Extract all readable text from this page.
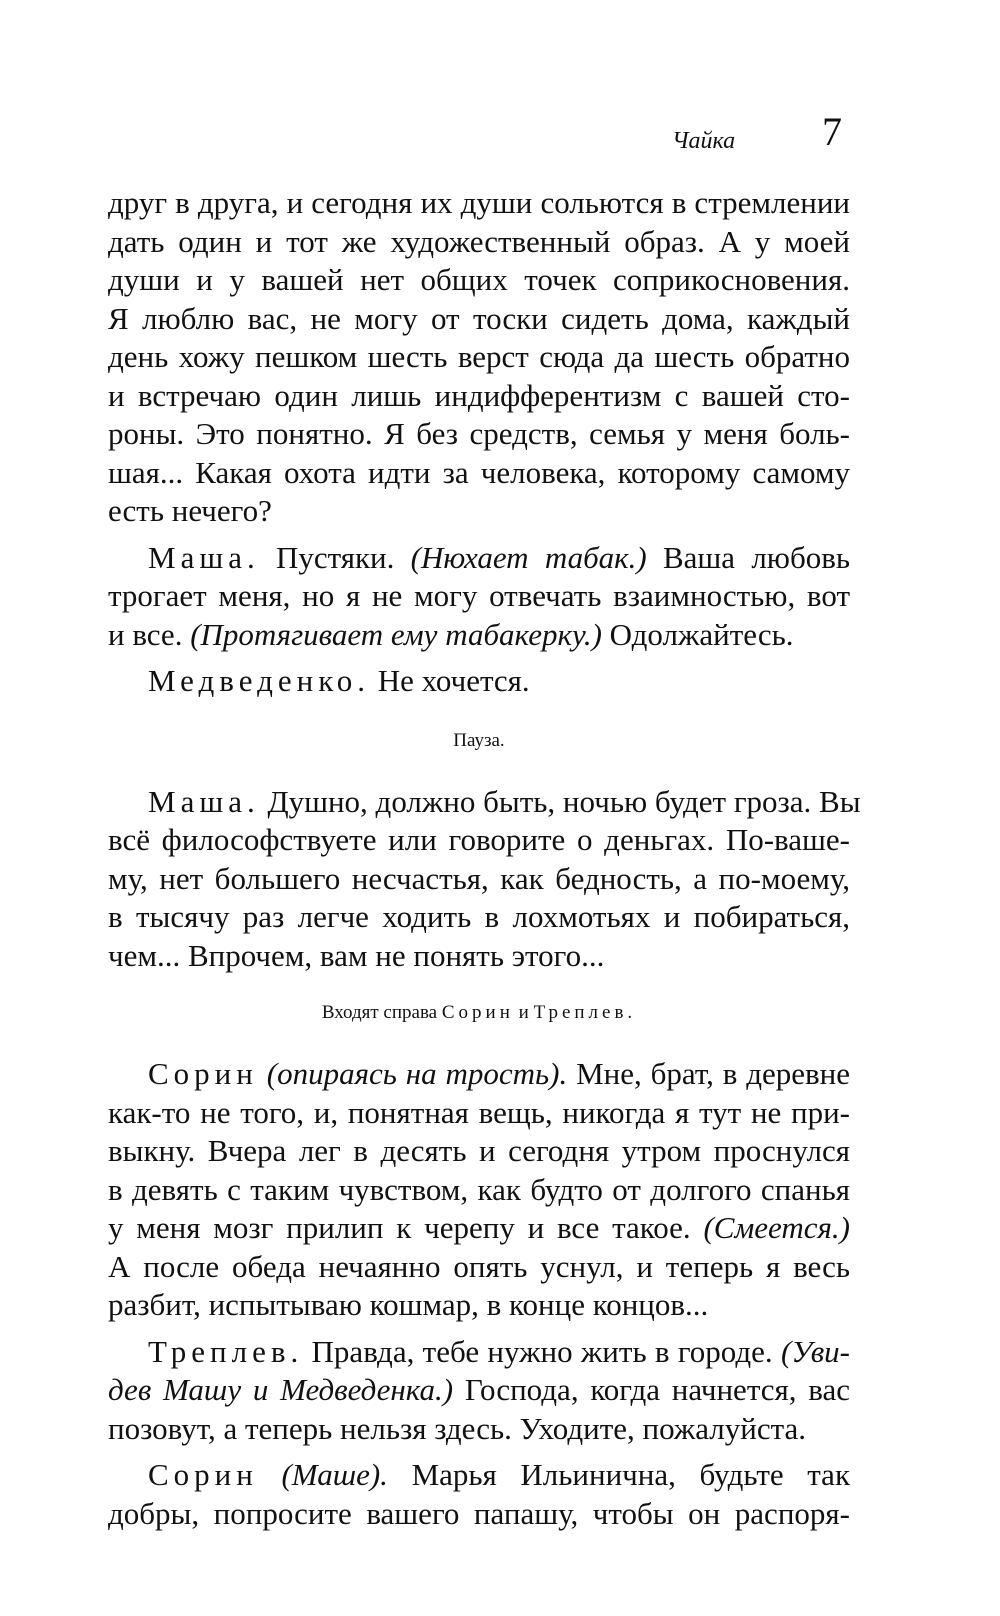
Чайка 7
друг в друга, и сегодня их души сольются в стремлении
дать один и тот же художественный образ. А у моей
души и у вашей нет общих точек соприкосновения.
Я люблю вас, не могу от тоски сидеть дома, каждый
день хожу пешком шесть верст сюда да шесть обратно
и встречаю один лишь индифферентизм с вашей сто-
роны. Это понятно. Я без средств, семья у меня боль-
шая... Какая охота идти за человека, которому самому
есть нечего?
Маша. Пустяки. (Нюхает табак.) Ваша любовь
трогает меня, но я не могу отвечать взаимностью, вот
и все. (Протягивает ему табакерку.) Одолжайтесь.
Медведенко. Не хочется.
Пауза.
Маша. Душно, должно быть, ночью будет гроза. Вы
всё философствуете или говорите о деньгах. По-ваше-
му, нет большего несчастья, как бедность, а по-моему,
в тысячу раз легче ходить в лохмотьях и побираться,
чем... Впрочем, вам не понять этого...
Входят справа Сорин и Треплев.
Сорин (опираясь на трость). Мне, брат, в деревне
как-то не того, и, понятная вещь, никогда я тут не при-
выкну. Вчера лег в десять и сегодня утром проснулся
в девять с таким чувством, как будто от долгого спанья
у меня мозг прилип к черепу и все такое. (Смеется.)
А после обеда нечаянно опять уснул, и теперь я весь
разбит, испытываю кошмар, в конце концов...
Треплев. Правда, тебе нужно жить в городе. (Уви-
дев Машу и Медведенка.) Господа, когда начнется, вас
позовут, а теперь нельзя здесь. Уходите, пожалуйста.
Сорин (Маше). Марья Ильинична, будьте так
добры, попросите вашего папашу, чтобы он распоря-
